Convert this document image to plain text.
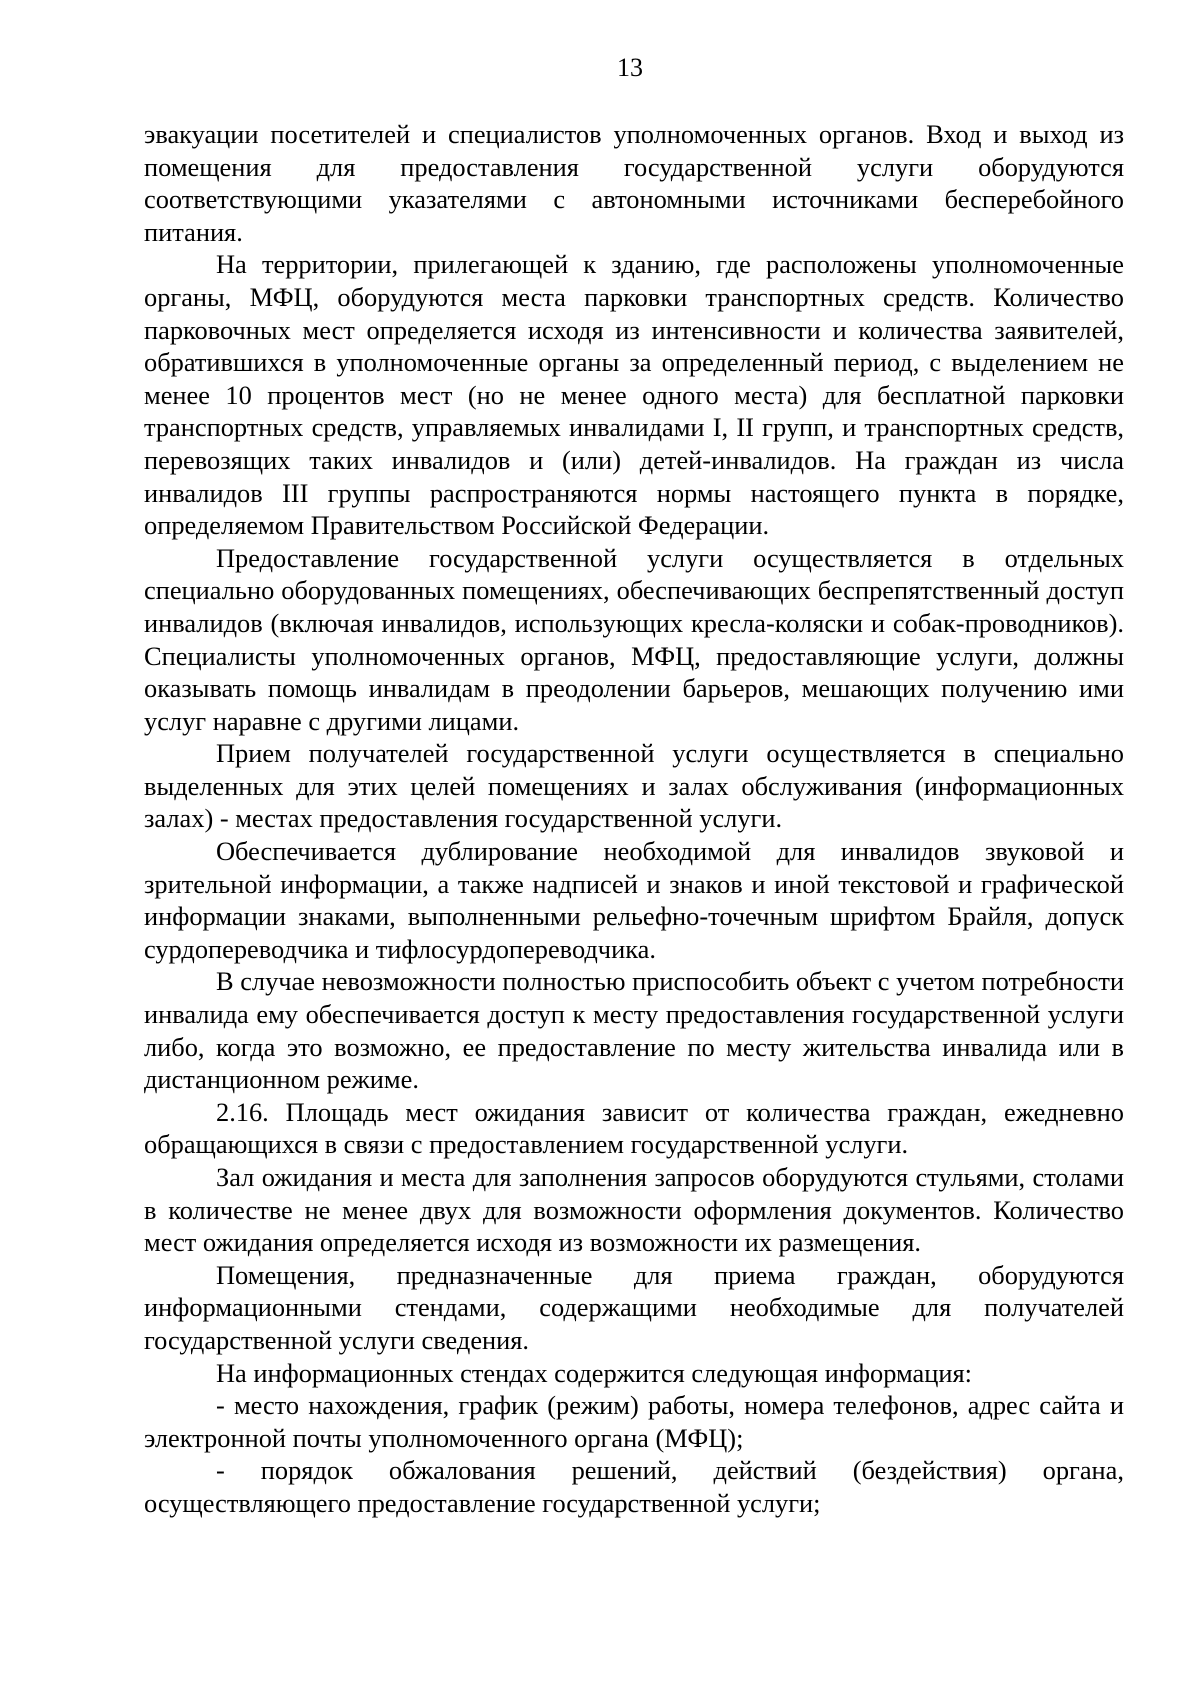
13

эвакуации посетителей и специалистов уполномоченных органов. Вход и выход из помещения для предоставления государственной услуги оборудуются соответствующими указателями с автономными источниками бесперебойного питания.

На территории, прилегающей к зданию, где расположены уполномоченные органы, МФЦ, оборудуются места парковки транспортных средств. Количество парковочных мест определяется исходя из интенсивности и количества заявителей, обратившихся в уполномоченные органы за определенный период, с выделением не менее 10 процентов мест (но не менее одного места) для бесплатной парковки транспортных средств, управляемых инвалидами I, II групп, и транспортных средств, перевозящих таких инвалидов и (или) детей-инвалидов. На граждан из числа инвалидов III группы распространяются нормы настоящего пункта в порядке, определяемом Правительством Российской Федерации.

Предоставление государственной услуги осуществляется в отдельных специально оборудованных помещениях, обеспечивающих беспрепятственный доступ инвалидов (включая инвалидов, использующих кресла-коляски и собак-проводников). Специалисты уполномоченных органов, МФЦ, предоставляющие услуги, должны оказывать помощь инвалидам в преодолении барьеров, мешающих получению ими услуг наравне с другими лицами.

Прием получателей государственной услуги осуществляется в специально выделенных для этих целей помещениях и залах обслуживания (информационных залах) - местах предоставления государственной услуги.

Обеспечивается дублирование необходимой для инвалидов звуковой и зрительной информации, а также надписей и знаков и иной текстовой и графической информации знаками, выполненными рельефно-точечным шрифтом Брайля, допуск сурдопереводчика и тифлосурдопереводчика.

В случае невозможности полностью приспособить объект с учетом потребности инвалида ему обеспечивается доступ к месту предоставления государственной услуги либо, когда это возможно, ее предоставление по месту жительства инвалида или в дистанционном режиме.

2.16. Площадь мест ожидания зависит от количества граждан, ежедневно обращающихся в связи с предоставлением государственной услуги.

Зал ожидания и места для заполнения запросов оборудуются стульями, столами в количестве не менее двух для возможности оформления документов. Количество мест ожидания определяется исходя из возможности их размещения.

Помещения, предназначенные для приема граждан, оборудуются информационными стендами, содержащими необходимые для получателей государственной услуги сведения.

На информационных стендах содержится следующая информация:

- место нахождения, график (режим) работы, номера телефонов, адрес сайта и электронной почты уполномоченного органа (МФЦ);

- порядок обжалования решений, действий (бездействия) органа, осуществляющего предоставление государственной услуги;
